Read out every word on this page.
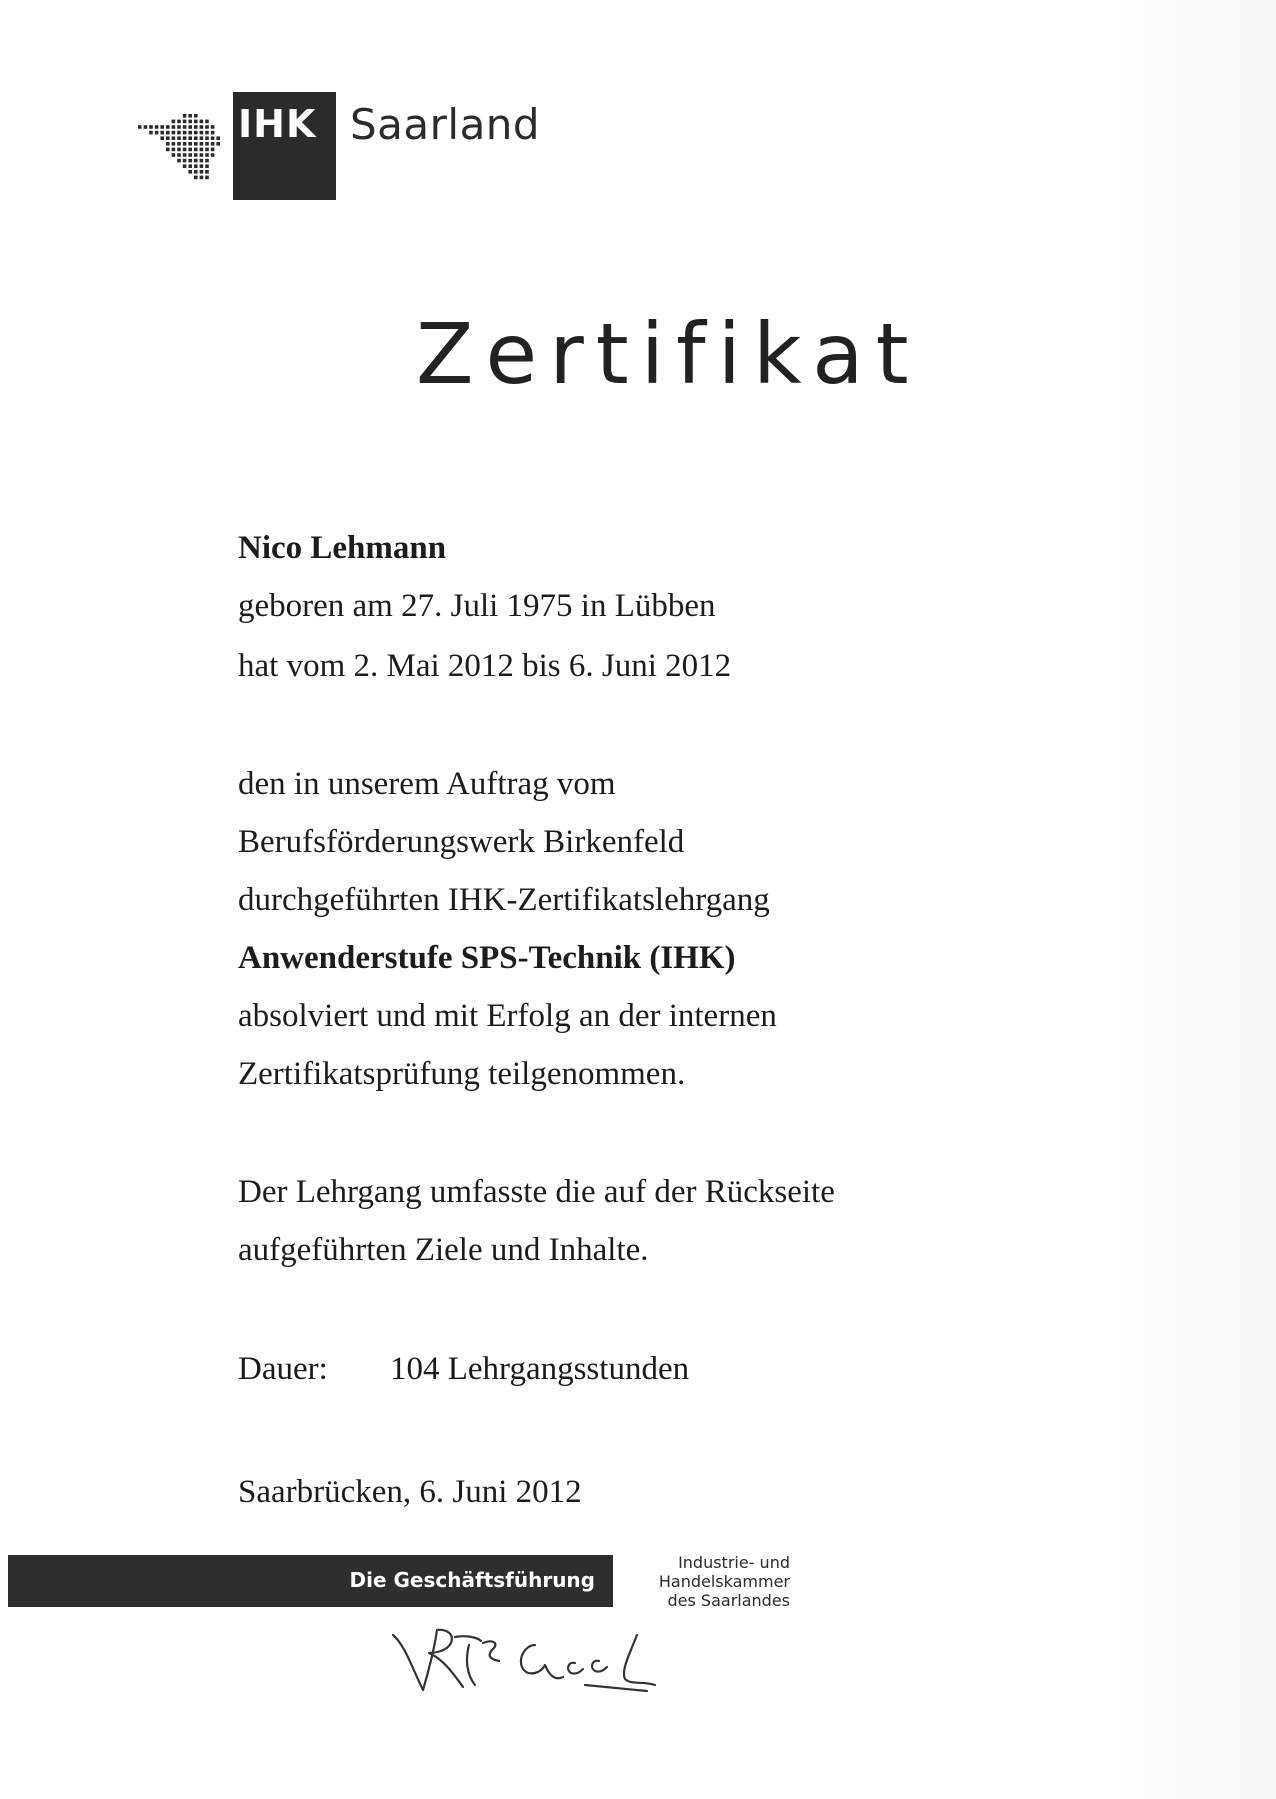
IHK Saarland
Zertifikat
Nico Lehmann
geboren am 27. Juli 1975 in Lübben
hat vom 2. Mai 2012 bis 6. Juni 2012
den in unserem Auftrag vom
Berufsförderungswerk Birkenfeld
durchgeführten IHK-Zertifikatslehrgang
Anwenderstufe SPS-Technik (IHK)
absolviert und mit Erfolg an der internen
Zertifikatsprüfung teilgenommen.
Der Lehrgang umfasste die auf der Rückseite
aufgeführten Ziele und Inhalte.
Dauer: 104 Lehrgangsstunden
Saarbrücken, 6. Juni 2012
Die Geschäftsführung
Industrie- und
Handelskammer
des Saarlandes
